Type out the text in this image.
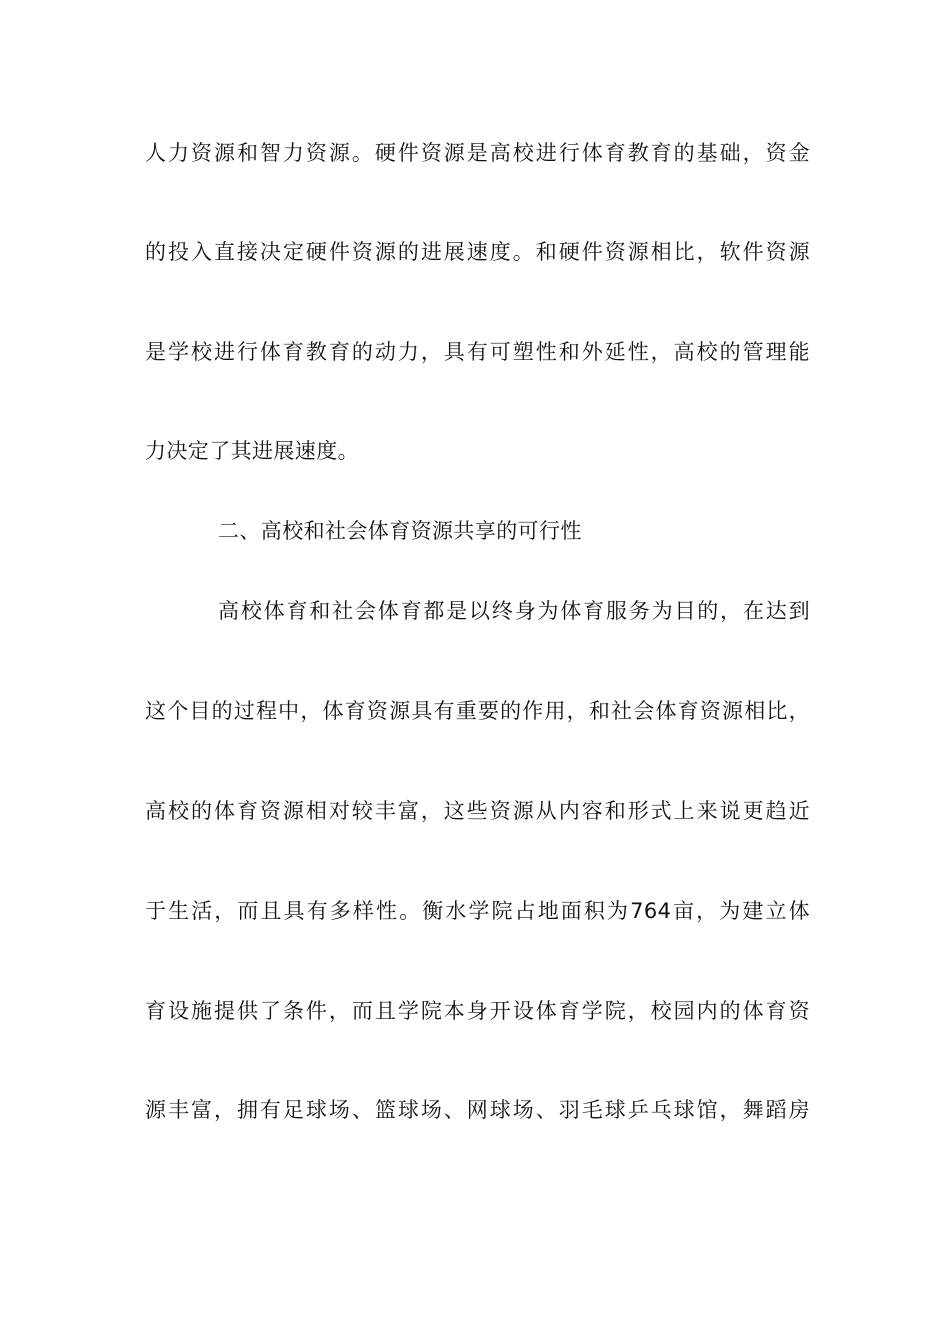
人力资源和智力资源。硬件资源是高校进行体育教育的基础，资金
的投入直接决定硬件资源的进展速度。和硬件资源相比，软件资源
是学校进行体育教育的动力，具有可塑性和外延性，高校的管理能
力决定了其进展速度。
二、高校和社会体育资源共享的可行性
高校体育和社会体育都是以终身为体育服务为目的，在达到
这个目的过程中，体育资源具有重要的作用，和社会体育资源相比，
高校的体育资源相对较丰富，这些资源从内容和形式上来说更趋近
于生活，而且具有多样性。衡水学院占地面积为764亩，为建立体
育设施提供了条件，而且学院本身开设体育学院，校园内的体育资
源丰富，拥有足球场、篮球场、网球场、羽毛球乒乓球馆，舞蹈房
